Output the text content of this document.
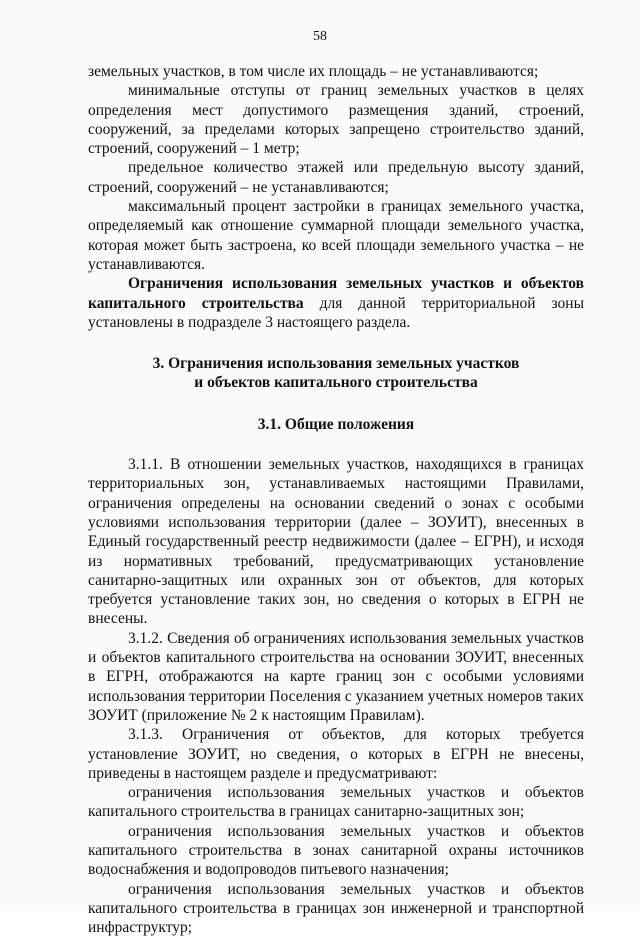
58

земельных участков, в том числе их площадь – не устанавливаются;

минимальные отступы от границ земельных участков в целях определения мест допустимого размещения зданий, строений, сооружений, за пределами которых запрещено строительство зданий, строений, сооружений – 1 метр;

предельное количество этажей или предельную высоту зданий, строений, сооружений – не устанавливаются;

максимальный процент застройки в границах земельного участка, определяемый как отношение суммарной площади земельного участка, которая может быть застроена, ко всей площади земельного участка – не устанавливаются.

Ограничения использования земельных участков и объектов капитального строительства для данной территориальной зоны установлены в подразделе 3 настоящего раздела.

3. Ограничения использования земельных участков
и объектов капитального строительства
3.1. Общие положения

3.1.1. В отношении земельных участков, находящихся в границах территориальных зон, устанавливаемых настоящими Правилами, ограничения определены на основании сведений о зонах с особыми условиями использования территории (далее – ЗОУИТ), внесенных в Единый государственный реестр недвижимости (далее – ЕГРН), и исходя из нормативных требований, предусматривающих установление санитарно-защитных или охранных зон от объектов, для которых требуется установление таких зон, но сведения о которых в ЕГРН не внесены.

3.1.2. Сведения об ограничениях использования земельных участков и объектов капитального строительства на основании ЗОУИТ, внесенных в ЕГРН, отображаются на карте границ зон с особыми условиями использования территории Поселения с указанием учетных номеров таких ЗОУИТ (приложение № 2 к настоящим Правилам).

3.1.3. Ограничения от объектов, для которых требуется установление ЗОУИТ, но сведения, о которых в ЕГРН не внесены, приведены в настоящем разделе и предусматривают:

ограничения использования земельных участков и объектов капитального строительства в границах санитарно-защитных зон;

ограничения использования земельных участков и объектов капитального строительства в зонах санитарной охраны источников водоснабжения и водопроводов питьевого назначения;

ограничения использования земельных участков и объектов капитального строительства в границах зон инженерной и транспортной инфраструктур;
